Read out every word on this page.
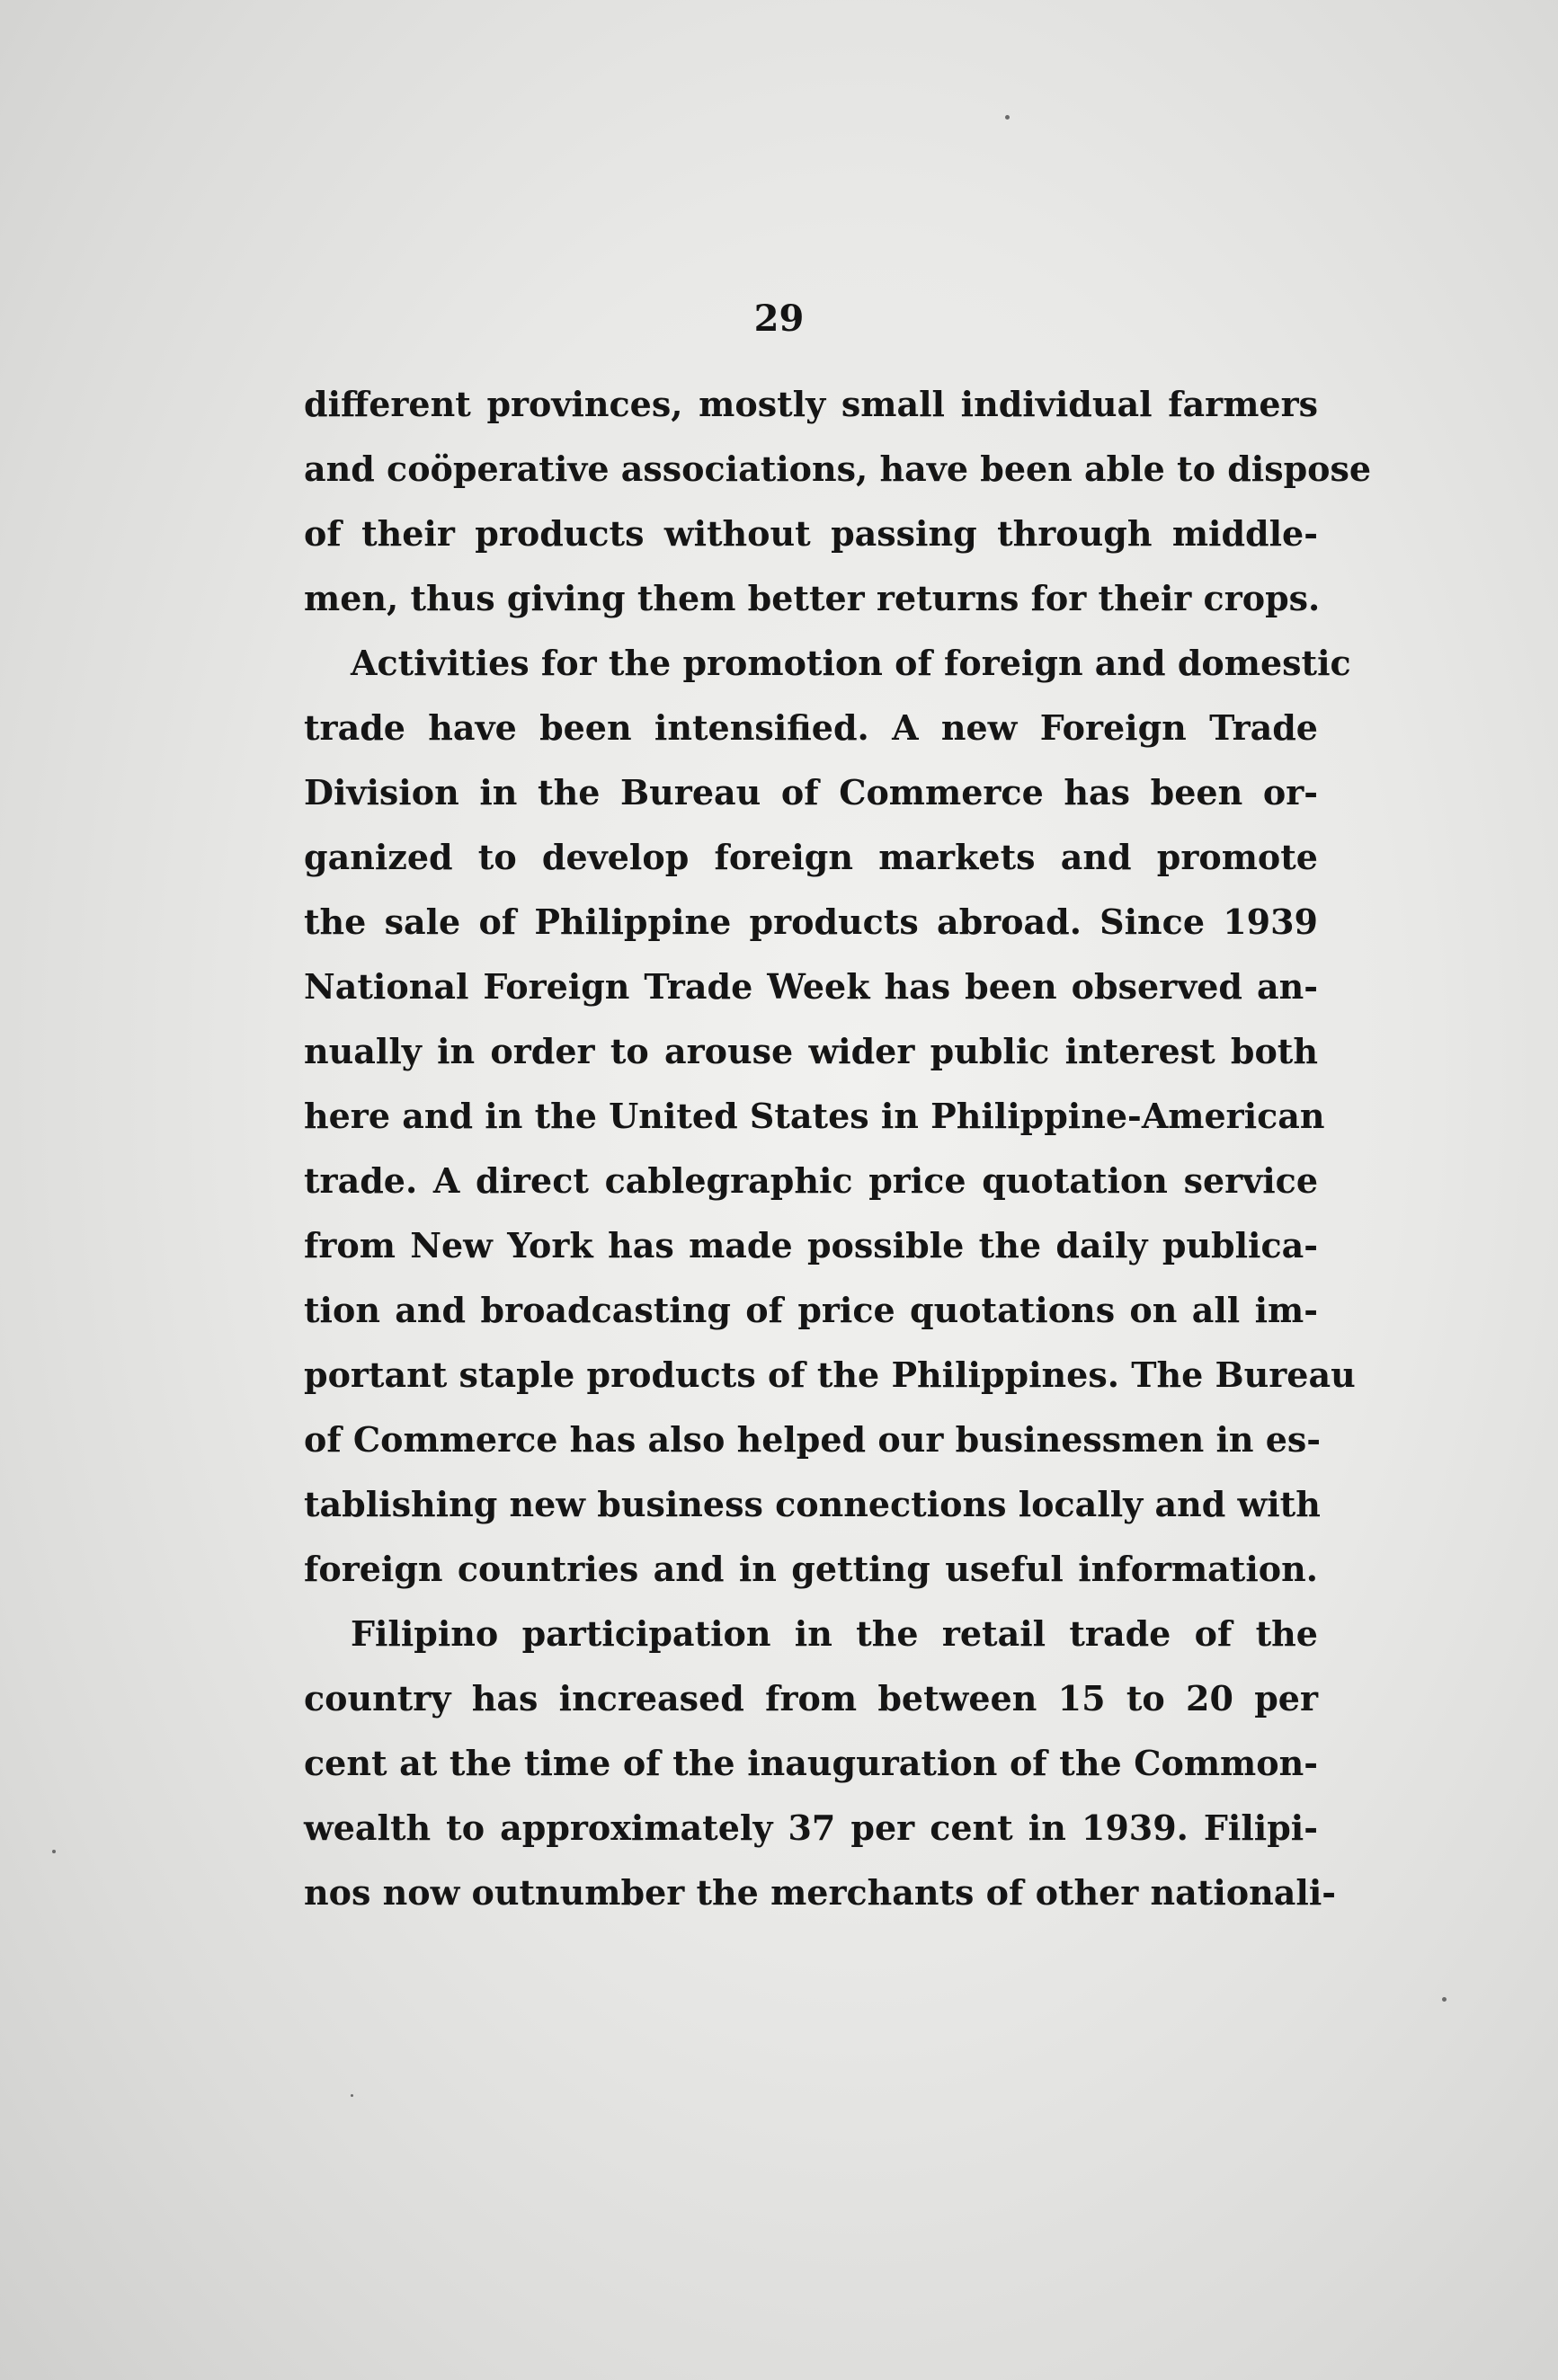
29
different provinces, mostly small individual farmers
and coöperative associations, have been able to dispose
of their products without passing through middle-
men, thus giving them better returns for their crops.
Activities for the promotion of foreign and domestic
trade have been intensified. A new Foreign Trade
Division in the Bureau of Commerce has been or-
ganized to develop foreign markets and promote
the sale of Philippine products abroad. Since 1939
National Foreign Trade Week has been observed an-
nually in order to arouse wider public interest both
here and in the United States in Philippine-American
trade. A direct cablegraphic price quotation service
from New York has made possible the daily publica-
tion and broadcasting of price quotations on all im-
portant staple products of the Philippines. The Bureau
of Commerce has also helped our businessmen in es-
tablishing new business connections locally and with
foreign countries and in getting useful information.
Filipino participation in the retail trade of the
country has increased from between 15 to 20 per
cent at the time of the inauguration of the Common-
wealth to approximately 37 per cent in 1939. Filipi-
nos now outnumber the merchants of other nationali-
